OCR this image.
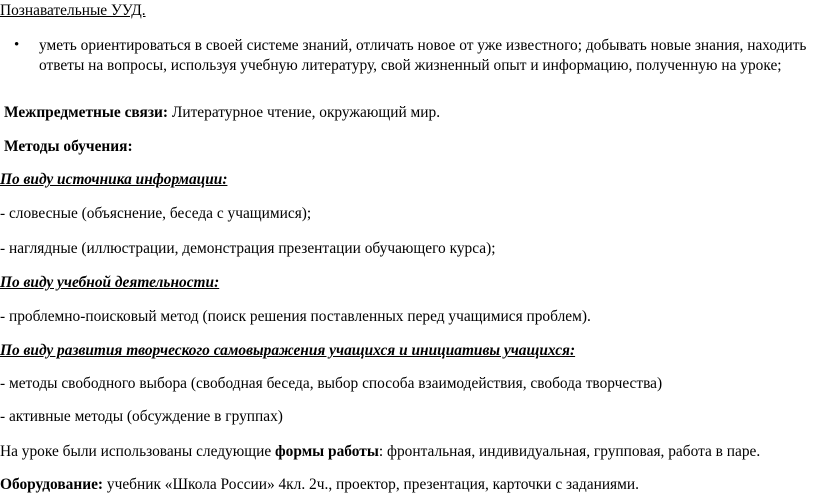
Познавательные УУД.
• уметь ориентироваться в своей системе знаний, отличать новое от уже известного; добывать новые знания, находить ответы на вопросы, используя учебную литературу, свой жизненный опыт и информацию, полученную на уроке;
Межпредметные связи: Литературное чтение, окружающий мир.
Методы обучения:
По виду источника информации:
- словесные (объяснение, беседа с учащимися);
- наглядные (иллюстрации, демонстрация презентации обучающего курса);
По виду учебной деятельности:
- проблемно-поисковый метод (поиск решения поставленных перед учащимися проблем).
По виду развития творческого самовыражения учащихся и инициативы учащихся:
- методы свободного выбора (свободная беседа, выбор способа взаимодействия, свобода творчества)
- активные методы (обсуждение в группах)
На уроке были использованы следующие формы работы: фронтальная, индивидуальная, групповая, работа в паре.
Оборудование: учебник «Школа России» 4кл. 2ч., проектор, презентация, карточки с заданиями.
